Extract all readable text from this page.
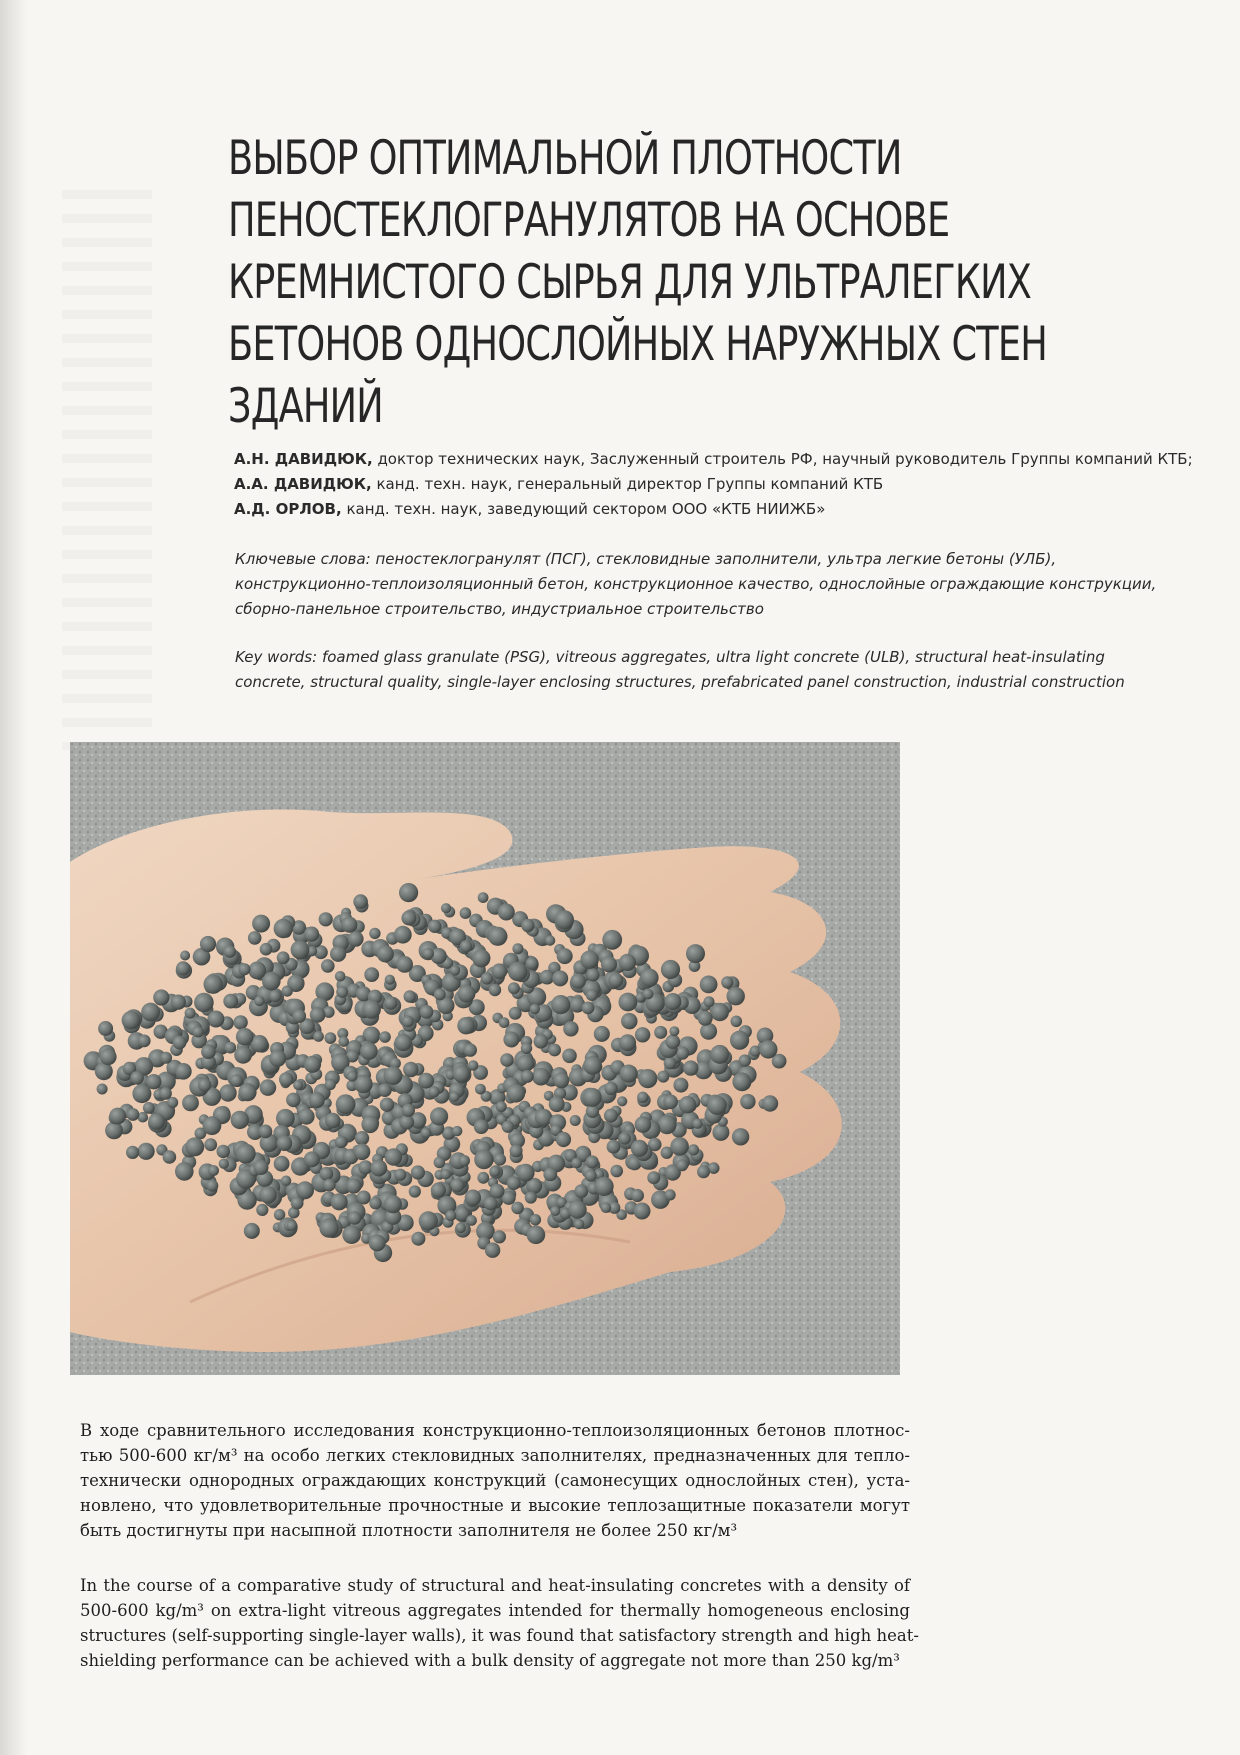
ВЫБОР ОПТИМАЛЬНОЙ ПЛОТНОСТИ
ПЕНОСТЕКЛОГРАНУЛЯТОВ НА ОСНОВЕ
КРЕМНИСТОГО СЫРЬЯ ДЛЯ УЛЬТРАЛЕГКИХ
БЕТОНОВ ОДНОСЛОЙНЫХ НАРУЖНЫХ СТЕН
ЗДАНИЙ
А.Н. ДАВИДЮК, доктор технических наук, Заслуженный строитель РФ, научный руководитель Группы компаний КТБ;
А.А. ДАВИДЮК, канд. техн. наук, генеральный директор Группы компаний КТБ
А.Д. ОРЛОВ, канд. техн. наук, заведующий сектором ООО «КТБ НИИЖБ»
Ключевые слова: пеностеклогранулят (ПСГ), стекловидные заполнители, ультра легкие бетоны (УЛБ),
конструкционно-теплоизоляционный бетон, конструкционное качество, однослойные ограждающие конструкции,
сборно-панельное строительство, индустриальное строительство
Key words: foamed glass granulate (PSG), vitreous aggregates, ultra light concrete (ULB), structural heat-insulating
concrete, structural quality, single-layer enclosing structures, prefabricated panel construction, industrial construction
В ходе сравнительного исследования конструкционно-теплоизоляционных бетонов плотнос-
тью 500-600 кг/м³ на особо легких стекловидных заполнителях, предназначенных для тепло-
технически однородных ограждающих конструкций (самонесущих однослойных стен), уста-
новлено, что удовлетворительные прочностные и высокие теплозащитные показатели могут
быть достигнуты при насыпной плотности заполнителя не более 250 кг/м³
In the course of a comparative study of structural and heat-insulating concretes with a density of
500-600 kg/m³ on extra-light vitreous aggregates intended for thermally homogeneous enclosing
structures (self-supporting single-layer walls), it was found that satisfactory strength and high heat-
shielding performance can be achieved with a bulk density of aggregate not more than 250 kg/m³
